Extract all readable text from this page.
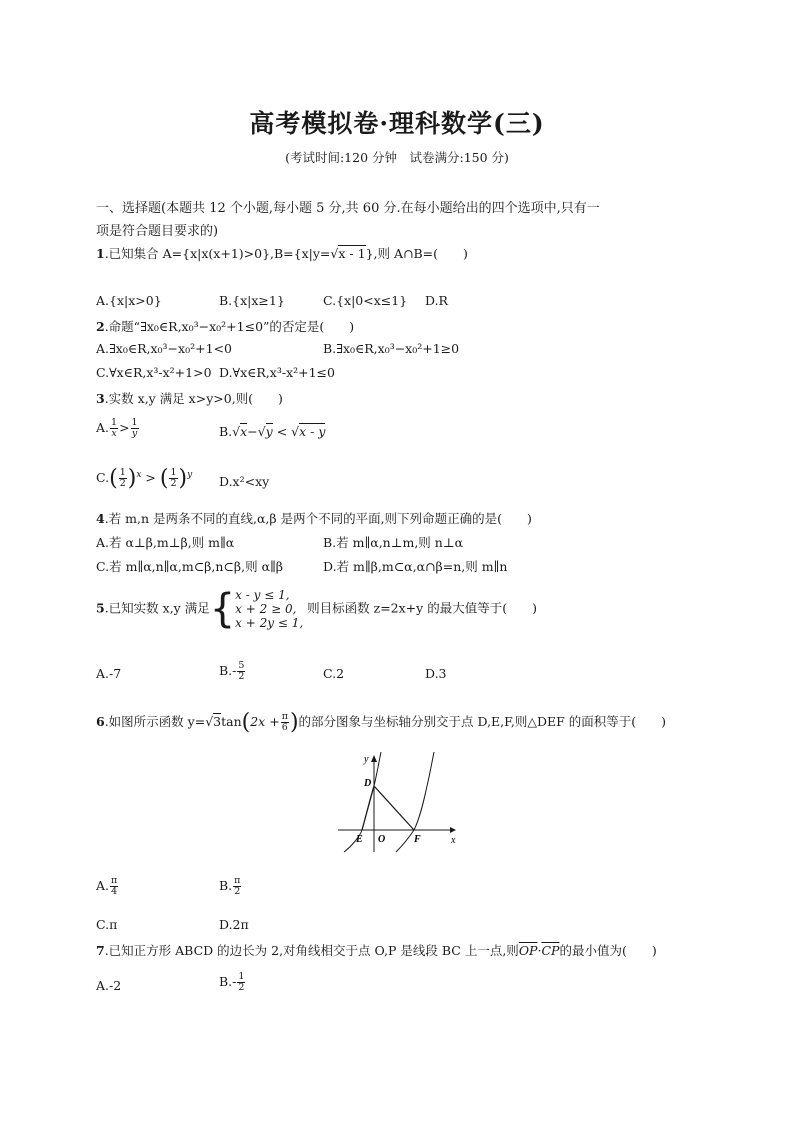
高考模拟卷·理科数学(三)
(考试时间:120 分钟　试卷满分:150 分)
一、选择题(本题共 12 个小题,每小题 5 分,共 60 分.在每小题给出的四个选项中,只有一
项是符合题目要求的)
1.已知集合 A={x|x(x+1)>0},B={x|y=√x - 1},则 A∩B=(　　)
A.{x|x>0}	B.{x|x≥1}	C.{x|0<x≤1} D.R
2.命题“∃x₀∈R,x₀³−x₀²+1≤0”的否定是(　　)
A.∃x₀∈R,x₀³−x₀²+1<0	B.∃x₀∈R,x₀³−x₀²+1≥0
C.∀x∈R,x³-x²+1>0 D.∀x∈R,x³-x²+1≤0
3.实数 x,y 满足 x>y>0,则(　　)
A. $\frac{1}{x} > \frac{1}{y}$	B.√x−√y < √x - y
$C.( \frac{1}{2} )^x$ > ( $\frac{1}{2} )^y$ D.x²<xy
4.若 m,n 是两条不同的直线,α,β 是两个不同的平面,则下列命题正确的是(　　)
A.若 α⊥β,m⊥β,则 m∥α	B.若 m∥α,n⊥m,则 n⊥α
C.若 m∥α,n∥α,m⊂β,n⊂β,则 α∥β	D.若 m∥β,m⊂α,α∩β=n,则 m∥n
5.已知实数 x,y 满足{ x - y ≤ 1,
x + 2 ≥ 0,
x + 2y ≤ 1,
则目标函数 z=2x+y 的最大值等于(　　)
A.-7	$B.- \frac{5}{2}$	C.2	D.3
6.如图所示函数 $y=√3\tan(2x + \frac{\pi}{6}$ )的部分图象与坐标轴分别交于点 D,E,F,则△DEF 的面积等于(　　)
y
x
D
E O	F
A. $\frac{\pi}{4}$	B. $\frac{\pi}{2}$
C.π	D.2π
7.已知正方形 ABCD 的边长为 2,对角线相交于点 O,P 是线段 BC 上一点,则$\overline{OP}\cdot\overline{CP}$的最小值为(　　)
A.-2	$B.- \frac{1}{2}$
